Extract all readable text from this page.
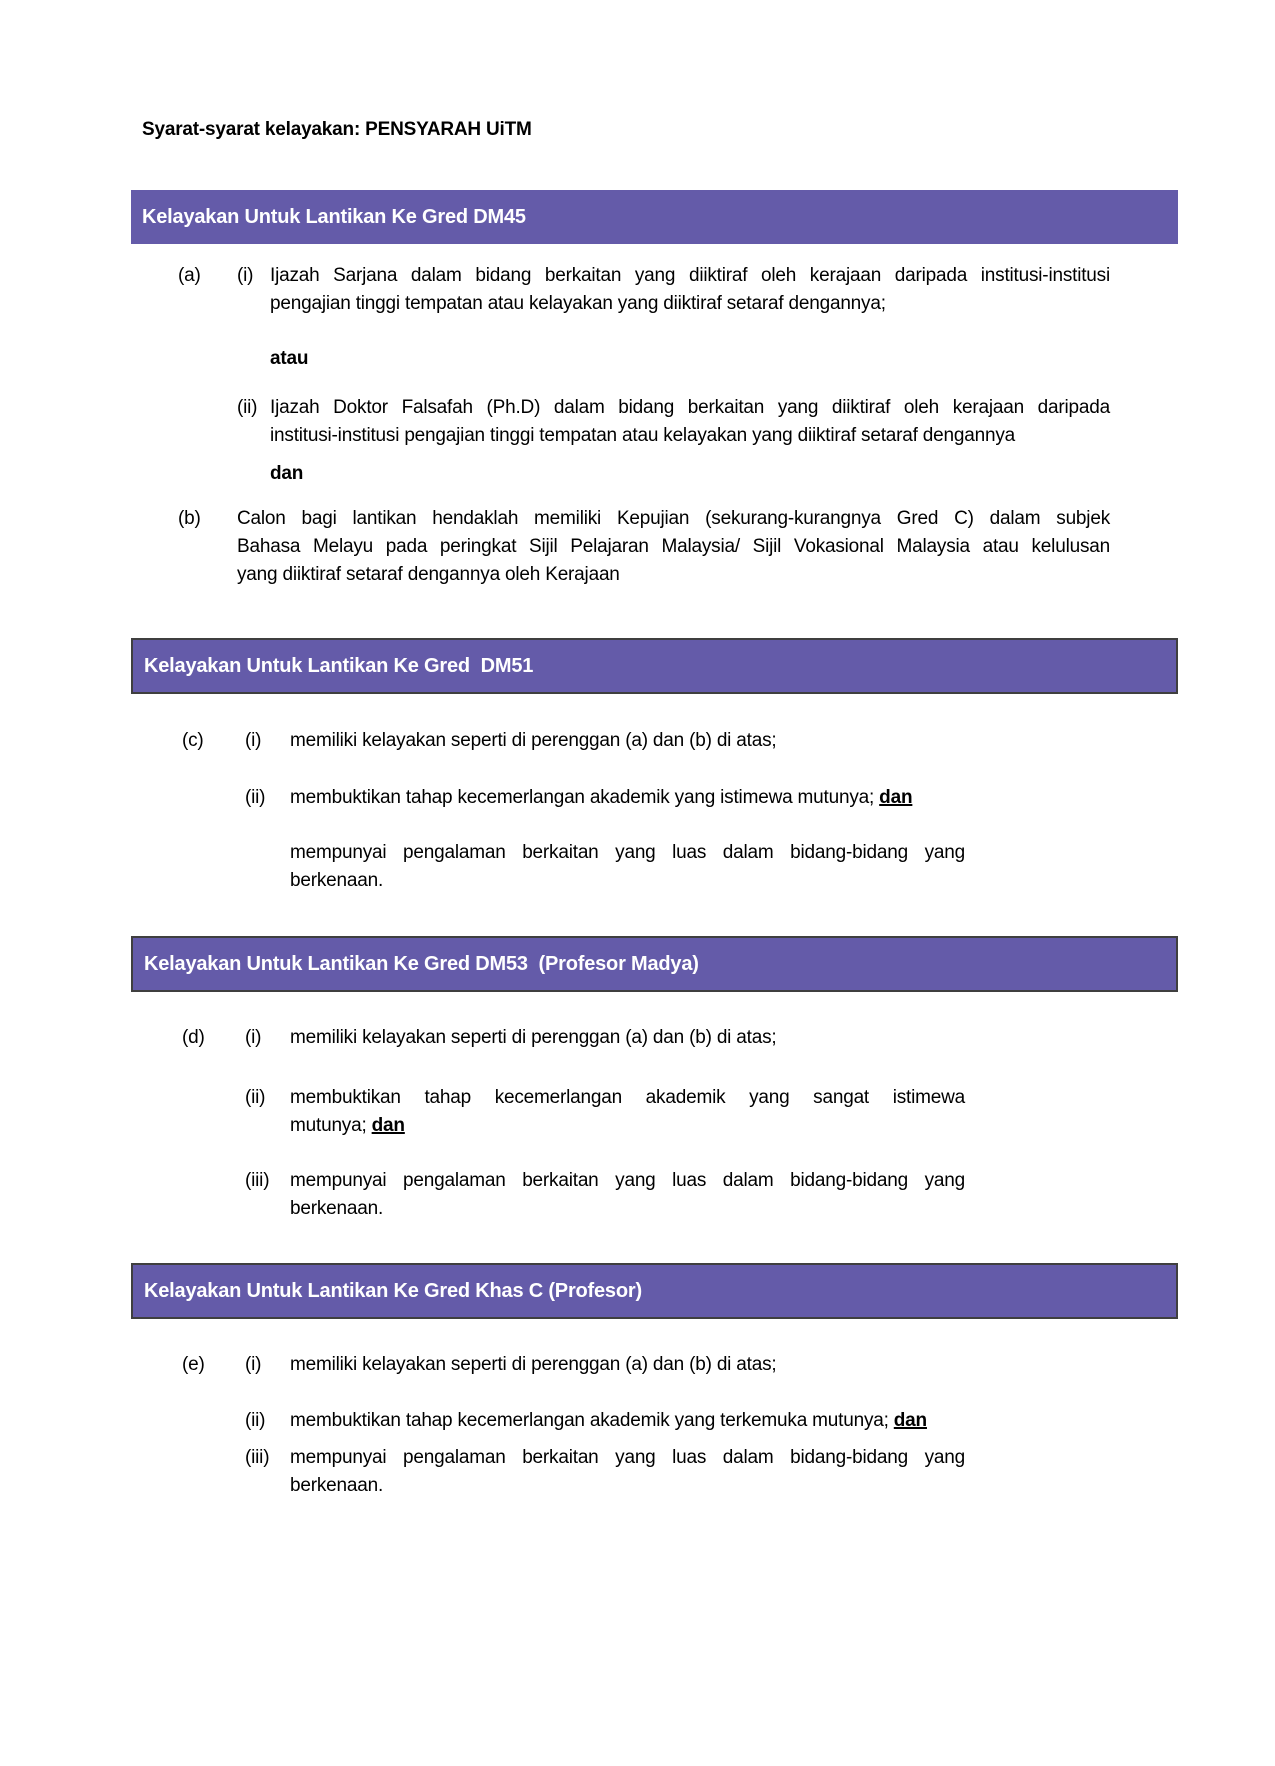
Syarat-syarat kelayakan: PENSYARAH UiTM
Kelayakan Untuk Lantikan Ke Gred DM45
(a)	(i) Ijazah Sarjana dalam bidang berkaitan yang diiktiraf oleh kerajaan daripada institusi-institusi
pengajian tinggi tempatan atau kelayakan yang diiktiraf setaraf dengannya;
atau
(ii) Ijazah Doktor Falsafah (Ph.D) dalam bidang berkaitan yang diiktiraf oleh kerajaan daripada
institusi-institusi pengajian tinggi tempatan atau kelayakan yang diiktiraf setaraf dengannya
dan
(b)	Calon bagi lantikan hendaklah memiliki Kepujian (sekurang-kurangnya Gred C) dalam subjek
Bahasa Melayu pada peringkat Sijil Pelajaran Malaysia/ Sijil Vokasional Malaysia atau kelulusan
yang diiktiraf setaraf dengannya oleh Kerajaan
Kelayakan Untuk Lantikan Ke Gred  DM51
(c)	(i)	memiliki kelayakan seperti di perenggan (a) dan (b) di atas;
(ii)	membuktikan tahap kecemerlangan akademik yang istimewa mutunya; dan
mempunyai pengalaman berkaitan yang luas dalam bidang-bidang yang
berkenaan.
Kelayakan Untuk Lantikan Ke Gred DM53  (Profesor Madya)
(d)	(i)	memiliki kelayakan seperti di perenggan (a) dan (b) di atas;
(ii)	membuktikan tahap kecemerlangan akademik yang sangat istimewa
mutunya; dan
(iii)	mempunyai pengalaman berkaitan yang luas dalam bidang-bidang yang
berkenaan.
Kelayakan Untuk Lantikan Ke Gred Khas C (Profesor)
(e)	(i)	memiliki kelayakan seperti di perenggan (a) dan (b) di atas;
(ii)	membuktikan tahap kecemerlangan akademik yang terkemuka mutunya; dan
(iii)	mempunyai pengalaman berkaitan yang luas dalam bidang-bidang yang
berkenaan.
